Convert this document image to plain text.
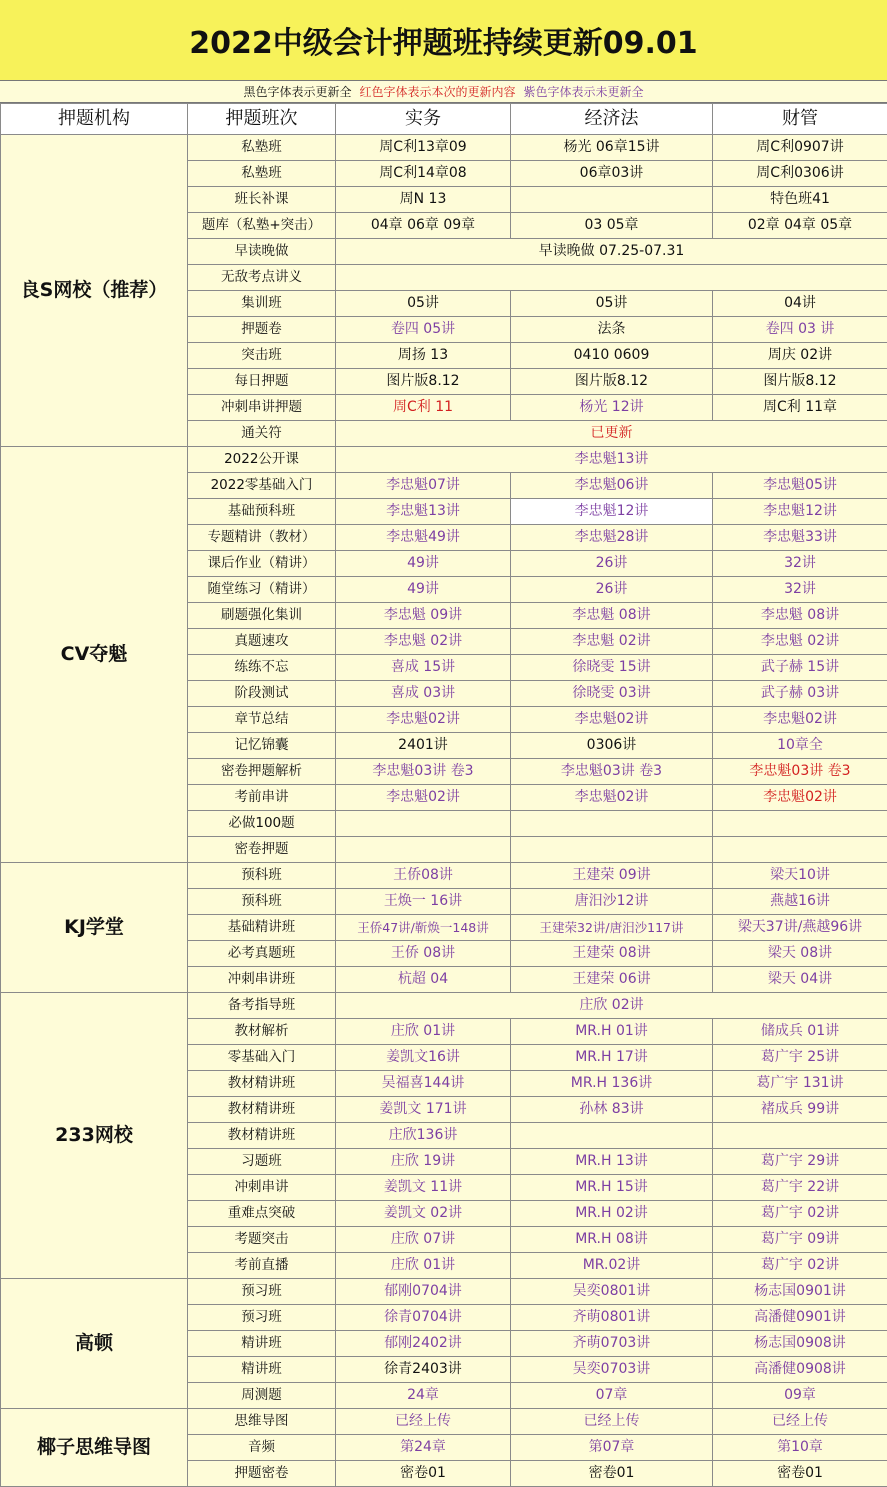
2022中级会计押题班持续更新09.01
黑色字体表示更新全 红色字体表示本次的更新内容 紫色字体表示未更新全
押题机构	押题班次	实务	经济法	财管
良S网校（推荐）	私塾班	周C利13章09	杨光 06章15讲	周C利0907讲
	私塾班	周C利14章08	06章03讲	周C利0306讲
	班长补课	周N 13		特色班41
	题库（私塾+突击）	04章 06章 09章	03 05章	02章 04章 05章
	早读晚做	早读晚做 07.25-07.31		
	无敌考点讲义			
	集训班	05讲	05讲	04讲
	押题卷	卷四 05讲	法条	卷四 03 讲
	突击班	周扬 13	0410 0609	周庆 02讲
	每日押题	图片版8.12	图片版8.12	图片版8.12
	冲刺串讲押题	周C利 11	杨光 12讲	周C利 11章
	通关符	已更新		
CV夺魁	2022公开课	李忠魁13讲		
	2022零基础入门	李忠魁07讲	李忠魁06讲	李忠魁05讲
	基础预科班	李忠魁13讲	李忠魁12讲	李忠魁12讲
	专题精讲（教材）	李忠魁49讲	李忠魁28讲	李忠魁33讲
	课后作业（精讲）	49讲	26讲	32讲
	随堂练习（精讲）	49讲	26讲	32讲
	刷题强化集训	李忠魁 09讲	李忠魁 08讲	李忠魁 08讲
	真题速攻	李忠魁 02讲	李忠魁 02讲	李忠魁 02讲
	练练不忘	喜成 15讲	徐晓雯 15讲	武子赫 15讲
	阶段测试	喜成 03讲	徐晓雯 03讲	武子赫 03讲
	章节总结	李忠魁02讲	李忠魁02讲	李忠魁02讲
	记忆锦囊	2401讲	0306讲	10章全
	密卷押题解析	李忠魁03讲 卷3	李忠魁03讲 卷3	李忠魁03讲 卷3
	考前串讲	李忠魁02讲	李忠魁02讲	李忠魁02讲
	必做100题			
	密卷押题			
KJ学堂	预科班	王侨08讲	王建荣 09讲	梁天10讲
	预科班	王焕一 16讲	唐汨沙12讲	燕越16讲
	基础精讲班	王侨47讲/靳焕一148讲	王建荣32讲/唐汨沙117讲	梁天37讲/燕越96讲
	必考真题班	王侨 08讲	王建荣 08讲	梁天 08讲
	冲刺串讲班	杭超 04	王建荣 06讲	梁天 04讲
233网校	备考指导班	庄欣 02讲		
	教材解析	庄欣 01讲	MR.H 01讲	储成兵 01讲
	零基础入门	姜凯文16讲	MR.H 17讲	葛广宇 25讲
	教材精讲班	吴福喜144讲	MR.H 136讲	葛广宇 131讲
	教材精讲班	姜凯文 171讲	孙林 83讲	褚成兵 99讲
	教材精讲班	庄欣136讲		
	习题班	庄欣 19讲	MR.H 13讲	葛广宇 29讲
	冲刺串讲	姜凯文 11讲	MR.H 15讲	葛广宇 22讲
	重难点突破	姜凯文 02讲	MR.H 02讲	葛广宇 02讲
	考题突击	庄欣 07讲	MR.H 08讲	葛广宇 09讲
	考前直播	庄欣 01讲	MR.02讲	葛广宇 02讲
高顿	预习班	郁刚0704讲	吴奕0801讲	杨志国0901讲
	预习班	徐青0704讲	齐萌0801讲	高潘健0901讲
	精讲班	郁刚2402讲	齐萌0703讲	杨志国0908讲
	精讲班	徐青2403讲	吴奕0703讲	高潘健0908讲
	周测题	24章	07章	09章
椰子思维导图	思维导图	已经上传	已经上传	已经上传
	音频	第24章	第07章	第10章
	押题密卷	密卷01	密卷01	密卷01
